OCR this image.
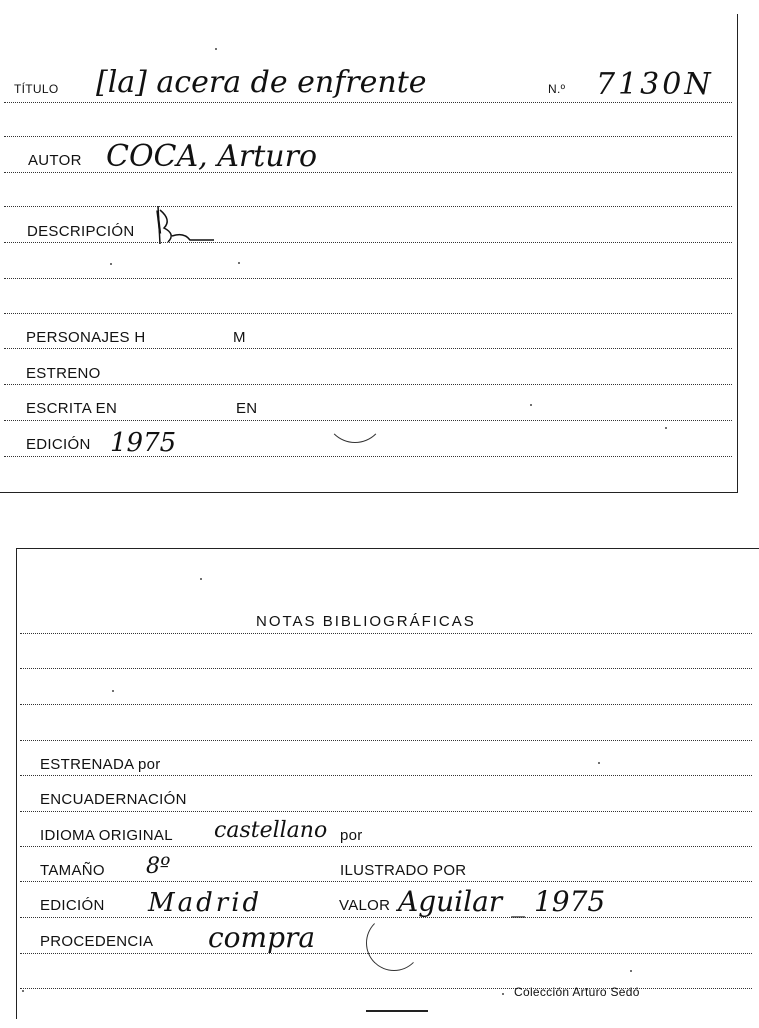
TÍTULO [la] acera de enfrente	N.º 7130N
AUTOR COCA, Arturo
DESCRIPCIÓN \
PERSONAJES H	M
ESTRENO
ESCRITA EN	EN
EDICIÓN 1975
NOTAS BIBLIOGRÁFICAS
ESTRENADA por
ENCUADERNACIÓN
IDIOMA ORIGINAL castellano por
TAMAÑO 8º	ILUSTRADO POR
EDICIÓN Madrid	VALOR Aguilar _ 1975
PROCEDENCIA compra
Colección Arturo Sedó
